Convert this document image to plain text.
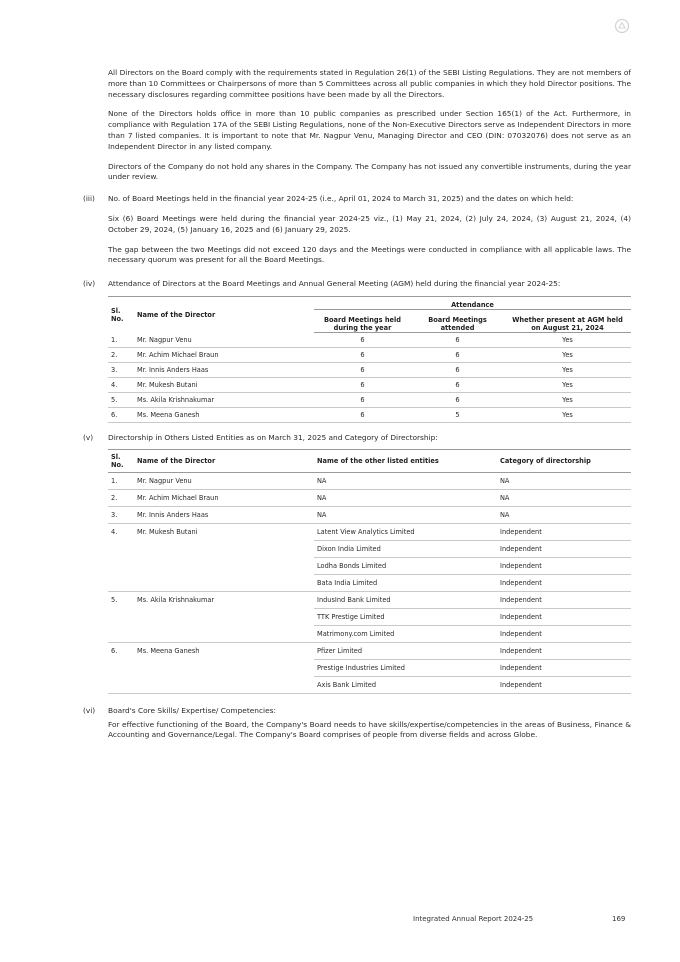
All Directors on the Board comply with the requirements stated in Regulation 26(1) of the SEBI Listing Regulations. They are not members of more than 10 Committees or Chairpersons of more than 5 Committees across all public companies in which they hold Director positions. The necessary disclosures regarding committee positions have been made by all the Directors.

None of the Directors holds office in more than 10 public companies as prescribed under Section 165(1) of the Act. Furthermore, in compliance with Regulation 17A of the SEBI Listing Regulations, none of the Non-Executive Directors serve as Independent Directors in more than 7 listed companies. It is important to note that Mr. Nagpur Venu, Managing Director and CEO (DIN: 07032076) does not serve as an Independent Director in any listed company.

Directors of the Company do not hold any shares in the Company. The Company has not issued any convertible instruments, during the year under review.

(iii) No. of Board Meetings held in the financial year 2024-25 (i.e., April 01, 2024 to March 31, 2025) and the dates on which held:

Six (6) Board Meetings were held during the financial year 2024-25 viz., (1) May 21, 2024, (2) July 24, 2024, (3) August 21, 2024, (4) October 29, 2024, (5) January 16, 2025 and (6) January 29, 2025.

The gap between the two Meetings did not exceed 120 days and the Meetings were conducted in compliance with all applicable laws. The necessary quorum was present for all the Board Meetings.

(iv) Attendance of Directors at the Board Meetings and Annual General Meeting (AGM) held during the financial year 2024-25:

Sl. No.	Name of the Director	Attendance		
		Board Meetings held during the year	Board Meetings attended	Whether present at AGM held on August 21, 2024
1.	Mr. Nagpur Venu	6	6	Yes
2.	Mr. Achim Michael Braun	6	6	Yes
3.	Mr. Innis Anders Haas	6	6	Yes
4.	Mr. Mukesh Butani	6	6	Yes
5.	Ms. Akila Krishnakumar	6	6	Yes
6.	Ms. Meena Ganesh	6	5	Yes
(v) Directorship in Others Listed Entities as on March 31, 2025 and Category of Directorship:

Sl. No.	Name of the Director	Name of the other listed entities	Category of directorship
1.	Mr. Nagpur Venu	NA	NA
2.	Mr. Achim Michael Braun	NA	NA
3.	Mr. Innis Anders Haas	NA	NA
4.	Mr. Mukesh Butani	Latent View Analytics Limited	Independent
		Dixon India Limited	Independent
		Lodha Bonds Limited	Independent
		Bata India Limited	Independent
5.	Ms. Akila Krishnakumar	IndusInd Bank Limited	Independent
		TTK Prestige Limited	Independent
		Matrimony.com Limited	Independent
6.	Ms. Meena Ganesh	Pfizer Limited	Independent
		Prestige Industries Limited	Independent
		Axis Bank Limited	Independent
(vi) Board's Core Skills/ Expertise/ Competencies:

For effective functioning of the Board, the Company's Board needs to have skills/expertise/competencies in the areas of Business, Finance & Accounting and Governance/Legal. The Company's Board comprises of people from diverse fields and across Globe.

Integrated Annual Report 2024-25	169
